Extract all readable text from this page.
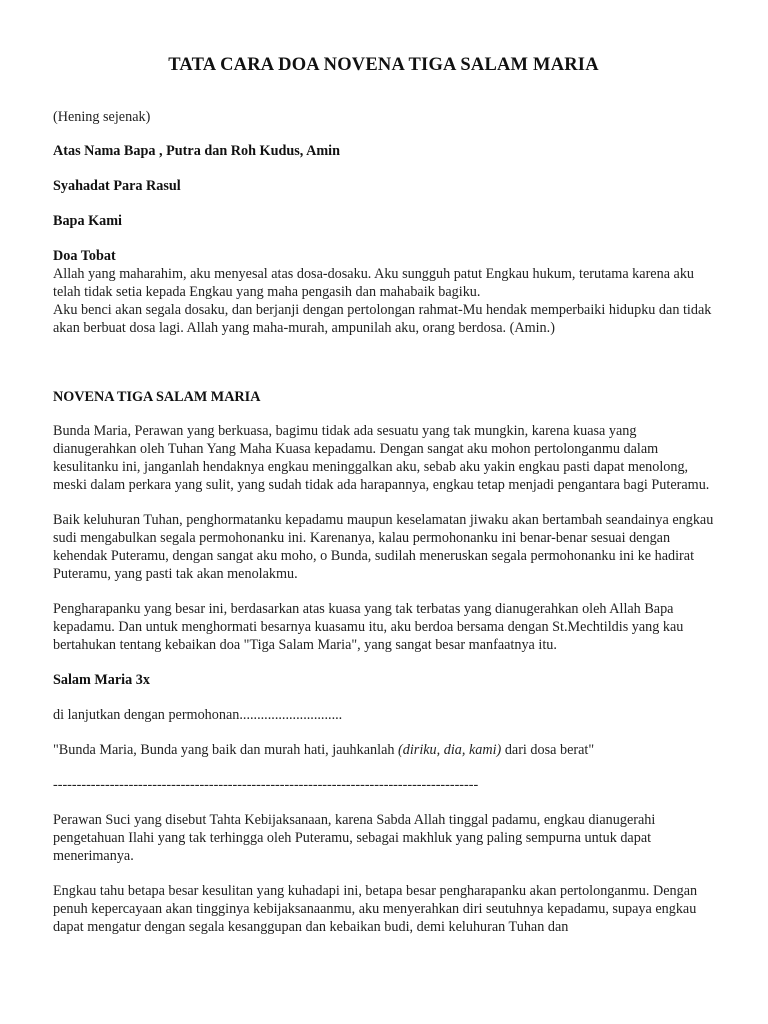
TATA CARA DOA NOVENA TIGA SALAM MARIA

(Hening sejenak)

Atas Nama Bapa , Putra dan Roh Kudus, Amin

Syahadat Para Rasul

Bapa Kami

Doa Tobat

Allah yang maharahim, aku menyesal atas dosa-dosaku. Aku sungguh patut Engkau hukum, terutama karena aku telah tidak setia kepada Engkau yang maha pengasih dan mahabaik bagiku.

Aku benci akan segala dosaku, dan berjanji dengan pertolongan rahmat-Mu hendak memperbaiki hidupku dan tidak akan berbuat dosa lagi. Allah yang maha-murah, ampunilah aku, orang berdosa. (Amin.)

NOVENA TIGA SALAM MARIA

Bunda Maria, Perawan yang berkuasa, bagimu tidak ada sesuatu yang tak mungkin, karena kuasa yang dianugerahkan oleh Tuhan Yang Maha Kuasa kepadamu. Dengan sangat aku mohon pertolonganmu dalam kesulitanku ini, janganlah hendaknya engkau meninggalkan aku, sebab aku yakin engkau pasti dapat menolong, meski dalam perkara yang sulit, yang sudah tidak ada harapannya, engkau tetap menjadi pengantara bagi Puteramu.

Baik keluhuran Tuhan, penghormatanku kepadamu maupun keselamatan jiwaku akan bertambah seandainya engkau sudi mengabulkan segala permohonanku ini. Karenanya, kalau permohonanku ini benar-benar sesuai dengan kehendak Puteramu, dengan sangat aku moho, o Bunda, sudilah meneruskan segala permohonanku ini ke hadirat Puteramu, yang pasti tak akan menolakmu.

Pengharapanku yang besar ini, berdasarkan atas kuasa yang tak terbatas yang dianugerahkan oleh Allah Bapa kepadamu. Dan untuk menghormati besarnya kuasamu itu, aku berdoa bersama dengan St.Mechtildis yang kau bertahukan tentang kebaikan doa "Tiga Salam Maria", yang sangat besar manfaatnya itu.

Salam Maria 3x

di lanjutkan dengan permohonan.............................

"Bunda Maria, Bunda yang baik dan murah hati, jauhkanlah (diriku, dia, kami) dari dosa berat"

------------------------------------------------------------------------------------------

Perawan Suci yang disebut Tahta Kebijaksanaan, karena Sabda Allah tinggal padamu, engkau dianugerahi pengetahuan Ilahi yang tak terhingga oleh Puteramu, sebagai makhluk yang paling sempurna untuk dapat menerimanya.

Engkau tahu betapa besar kesulitan yang kuhadapi ini, betapa besar pengharapanku akan pertolonganmu. Dengan penuh kepercayaan akan tingginya kebijaksanaanmu, aku menyerahkan diri seutuhnya kepadamu, supaya engkau dapat mengatur dengan segala kesanggupan dan kebaikan budi, demi keluhuran Tuhan dan
